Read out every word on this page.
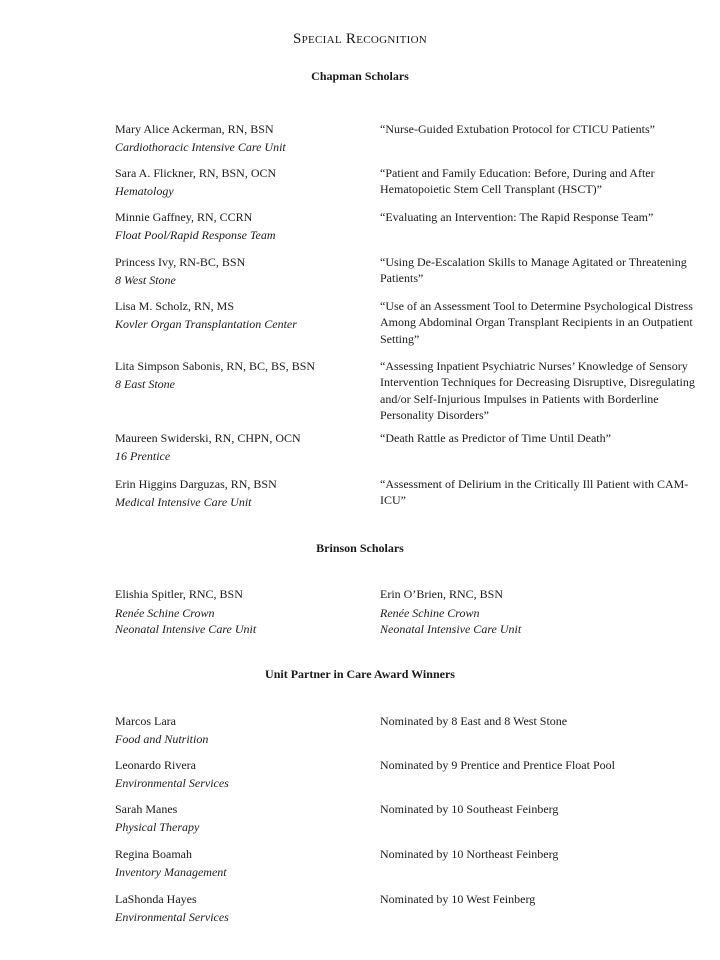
Special Recognition
Chapman Scholars
Mary Alice Ackerman, RN, BSN
Cardiothoracic Intensive Care Unit
“Nurse-Guided Extubation Protocol for CTICU Patients”
Sara A. Flickner, RN, BSN, OCN
Hematology
“Patient and Family Education: Before, During and After Hematopoietic Stem Cell Transplant (HSCT)”
Minnie Gaffney, RN, CCRN
Float Pool/Rapid Response Team
“Evaluating an Intervention: The Rapid Response Team”
Princess Ivy, RN-BC, BSN
8 West Stone
“Using De-Escalation Skills to Manage Agitated or Threatening Patients”
Lisa M. Scholz, RN, MS
Kovler Organ Transplantation Center
“Use of an Assessment Tool to Determine Psychological Distress Among Abdominal Organ Transplant Recipients in an Outpatient Setting”
Lita Simpson Sabonis, RN, BC, BS, BSN
8 East Stone
“Assessing Inpatient Psychiatric Nurses’ Knowledge of Sensory Intervention Techniques for Decreasing Disruptive, Disregulating and/or Self-Injurious Impulses in Patients with Borderline Personality Disorders”
Maureen Swiderski, RN, CHPN, OCN
16 Prentice
“Death Rattle as Predictor of Time Until Death”
Erin Higgins Darguzas, RN, BSN
Medical Intensive Care Unit
“Assessment of Delirium in the Critically Ill Patient with CAM-ICU”
Brinson Scholars
Elishia Spitler, RNC, BSN
Renée Schine Crown
Neonatal Intensive Care Unit
Erin O’Brien, RNC, BSN
Renée Schine Crown
Neonatal Intensive Care Unit
Unit Partner in Care Award Winners
Marcos Lara
Food and Nutrition
Nominated by 8 East and 8 West Stone
Leonardo Rivera
Environmental Services
Nominated by 9 Prentice and Prentice Float Pool
Sarah Manes
Physical Therapy
Nominated by 10 Southeast Feinberg
Regina Boamah
Inventory Management
Nominated by 10 Northeast Feinberg
LaShonda Hayes
Environmental Services
Nominated by 10 West Feinberg
